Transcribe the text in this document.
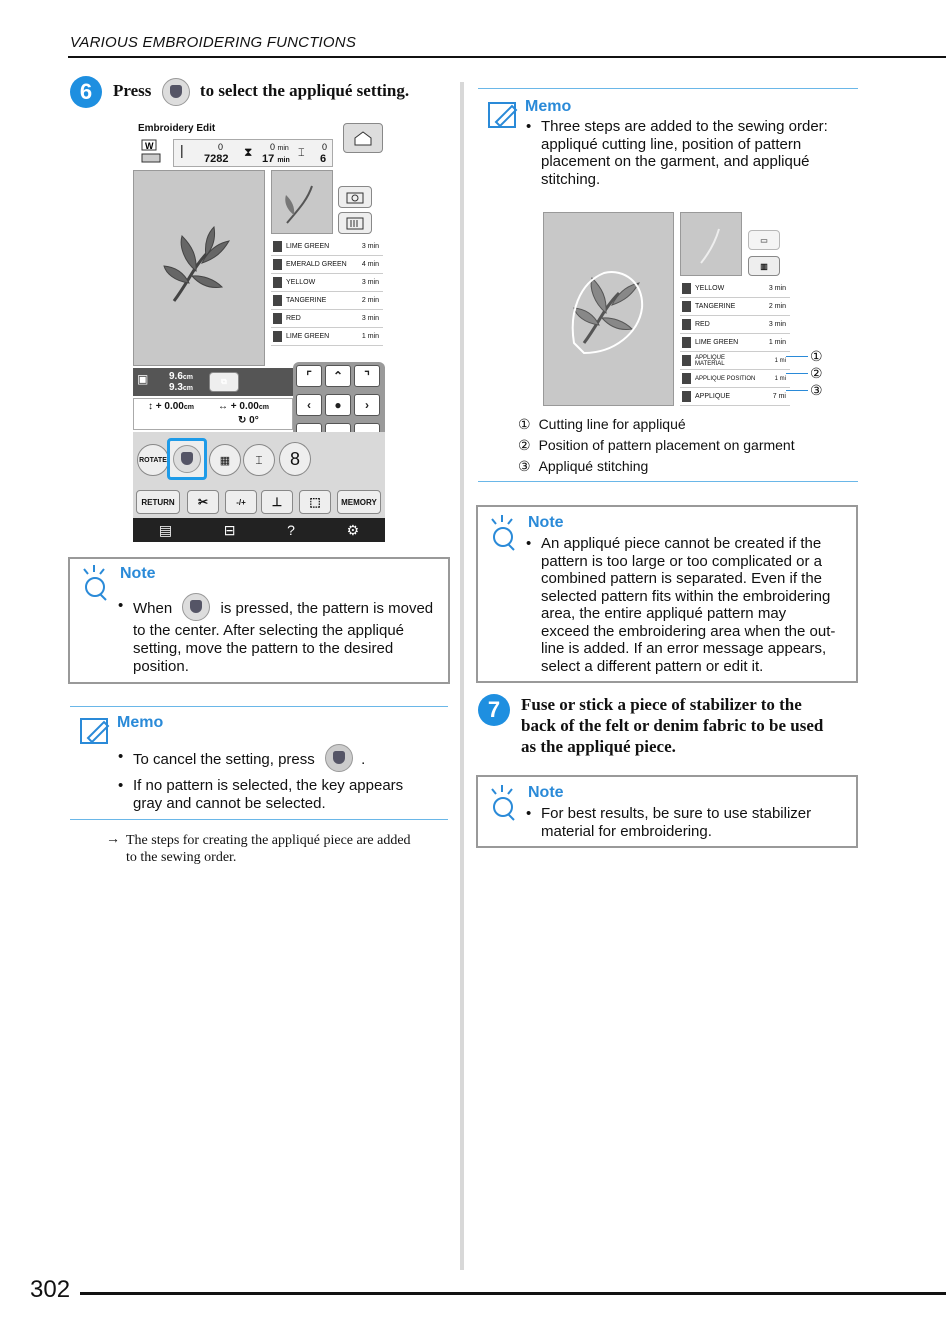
VARIOUS EMBROIDERING FUNCTIONS
6	Press	to select the appliqué setting.
Embroidery Edit
W |	0
7282 ⧗ 0 min
17 min
⌶ 0
6
LIME GREEN	3 min
EMERALD GREEN	4 min
YELLOW	3 min
TANGERINE	2 min
RED	3 min
LIME GREEN	1 min
▣ 9.6cm
9.3cm
⧉
↕ + 0.00cm ↔ + 0.00cm
↻ 0°
⌜	⌃	⌝
‹	●	›
ROTATE	▦	⌶	8
RETURN	✂	-/+	⊥	⬚	MEMORY
▤	⊟	?	⚙
Note
• When	is pressed, the pattern is moved
to the center. After selecting the appliqué
setting, move the pattern to the desired
position.
Memo
• To cancel the setting, press	.
• If no pattern is selected, the key appears
gray and cannot be selected.
→ The steps for creating the appliqué piece are added
to the sewing order.
Memo
• Three steps are added to the sewing order:
appliqué cutting line, position of pattern
placement on the garment, and appliqué
stitching.
▭
▥
YELLOW	3 min
TANGERINE	2 min
RED	3 min
LIME GREEN	1 min
APPLIQUE MATERIAL	1 mi
APPLIQUE POSITION	1 mi
APPLIQUE	7 mi
①
②
③
① Cutting line for appliqué
② Position of pattern placement on garment
③ Appliqué stitching
Note
• An appliqué piece cannot be created if the
pattern is too large or too complicated or a
combined pattern is separated. Even if the
selected pattern fits within the embroidering
area, the entire appliqué pattern may
exceed the embroidering area when the out-
line is added. If an error message appears,
select a different pattern or edit it.
7	Fuse or stick a piece of stabilizer to the
back of the felt or denim fabric to be used
as the appliqué piece.
Note
• For best results, be sure to use stabilizer
material for embroidering.
302
